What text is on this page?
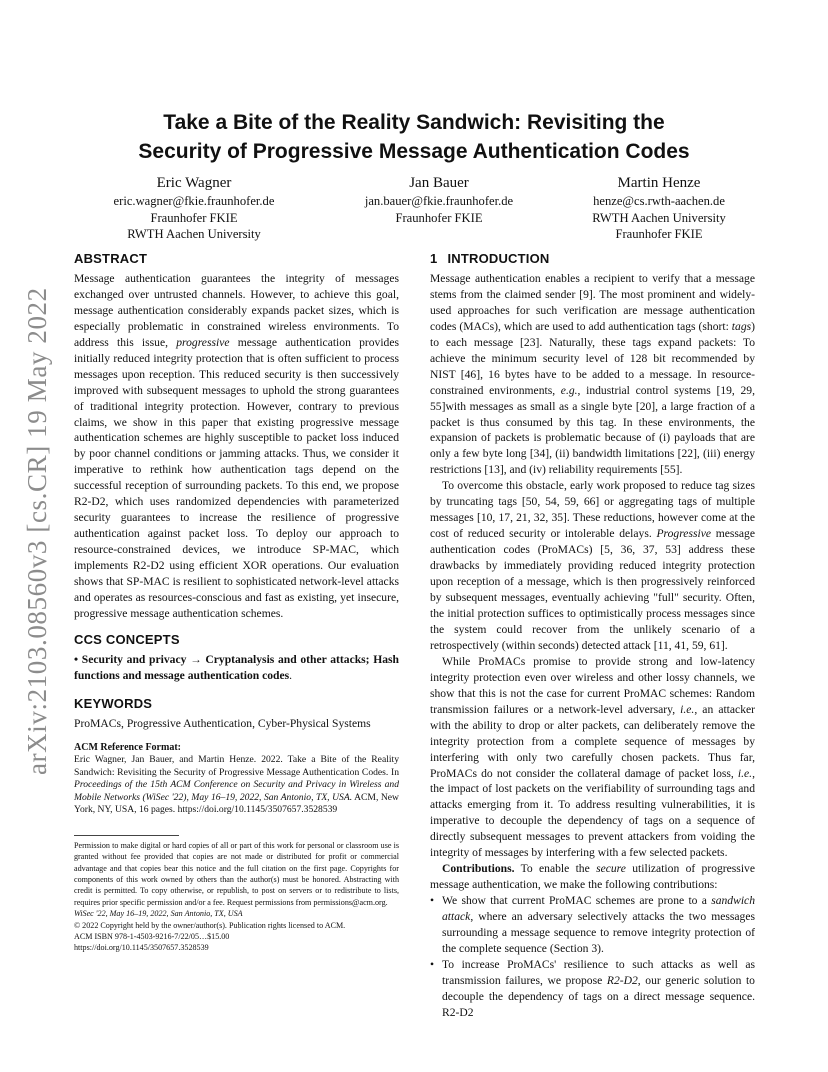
arXiv:2103.08560v3 [cs.CR] 19 May 2022
Take a Bite of the Reality Sandwich: Revisiting the
Security of Progressive Message Authentication Codes
Eric Wagner
eric.wagner@fkie.fraunhofer.de
Fraunhofer FKIE
RWTH Aachen University
Jan Bauer
jan.bauer@fkie.fraunhofer.de
Fraunhofer FKIE
Martin Henze
henze@cs.rwth-aachen.de
RWTH Aachen University
Fraunhofer FKIE
ABSTRACT

Message authentication guarantees the integrity of messages exchanged over untrusted channels. However, to achieve this goal, message authentication considerably expands packet sizes, which is especially problematic in constrained wireless environments. To address this issue, progressive message authentication provides initially reduced integrity protection that is often sufficient to process messages upon reception. This reduced security is then successively improved with subsequent messages to uphold the strong guarantees of traditional integrity protection. However, contrary to previous claims, we show in this paper that existing progressive message authentication schemes are highly susceptible to packet loss induced by poor channel conditions or jamming attacks. Thus, we consider it imperative to rethink how authentication tags depend on the successful reception of surrounding packets. To this end, we propose R2-D2, which uses randomized dependencies with parameterized security guarantees to increase the resilience of progressive authentication against packet loss. To deploy our approach to resource-constrained devices, we introduce SP-MAC, which implements R2-D2 using efficient XOR operations. Our evaluation shows that SP-MAC is resilient to sophisticated network-level attacks and operates as resources-conscious and fast as existing, yet insecure, progressive message authentication schemes.

CCS CONCEPTS

• Security and privacy → Cryptanalysis and other attacks; Hash functions and message authentication codes.

KEYWORDS

ProMACs, Progressive Authentication, Cyber-Physical Systems

ACM Reference Format:

Eric Wagner, Jan Bauer, and Martin Henze. 2022. Take a Bite of the Reality Sandwich: Revisiting the Security of Progressive Message Authentication Codes. In Proceedings of the 15th ACM Conference on Security and Privacy in Wireless and Mobile Networks (WiSec '22), May 16–19, 2022, San Antonio, TX, USA. ACM, New York, NY, USA, 16 pages. https://doi.org/10.1145/3507657.3528539

Permission to make digital or hard copies of all or part of this work for personal or classroom use is granted without fee provided that copies are not made or distributed for profit or commercial advantage and that copies bear this notice and the full citation on the first page. Copyrights for components of this work owned by others than the author(s) must be honored. Abstracting with credit is permitted. To copy otherwise, or republish, to post on servers or to redistribute to lists, requires prior specific permission and/or a fee. Request permissions from permissions@acm.org.
WiSec '22, May 16–19, 2022, San Antonio, TX, USA
© 2022 Copyright held by the owner/author(s). Publication rights licensed to ACM.
ACM ISBN 978-1-4503-9216-7/22/05…$15.00
https://doi.org/10.1145/3507657.3528539
1 INTRODUCTION

Message authentication enables a recipient to verify that a message stems from the claimed sender [9]. The most prominent and widely-used approaches for such verification are message authentication codes (MACs), which are used to add authentication tags (short: tags) to each message [23]. Naturally, these tags expand packets: To achieve the minimum security level of 128 bit recommended by NIST [46], 16 bytes have to be added to a message. In resource-constrained environments, e.g., industrial control systems [19, 29, 55]with messages as small as a single byte [20], a large fraction of a packet is thus consumed by this tag. In these environments, the expansion of packets is problematic because of (i) payloads that are only a few byte long [34], (ii) bandwidth limitations [22], (iii) energy restrictions [13], and (iv) reliability requirements [55].

To overcome this obstacle, early work proposed to reduce tag sizes by truncating tags [50, 54, 59, 66] or aggregating tags of multiple messages [10, 17, 21, 32, 35]. These reductions, however come at the cost of reduced security or intolerable delays. Progressive message authentication codes (ProMACs) [5, 36, 37, 53] address these drawbacks by immediately providing reduced integrity protection upon reception of a message, which is then progressively reinforced by subsequent messages, eventually achieving "full" security. Often, the initial protection suffices to optimistically process messages since the system could recover from the unlikely scenario of a retrospectively (within seconds) detected attack [11, 41, 59, 61].

While ProMACs promise to provide strong and low-latency integrity protection even over wireless and other lossy channels, we show that this is not the case for current ProMAC schemes: Random transmission failures or a network-level adversary, i.e., an attacker with the ability to drop or alter packets, can deliberately remove the integrity protection from a complete sequence of messages by interfering with only two carefully chosen packets. Thus far, ProMACs do not consider the collateral damage of packet loss, i.e., the impact of lost packets on the verifiability of surrounding tags and attacks emerging from it. To address resulting vulnerabilities, it is imperative to decouple the dependency of tags on a sequence of directly subsequent messages to prevent attackers from voiding the integrity of messages by interfering with a few selected packets.

Contributions. To enable the secure utilization of progressive message authentication, we make the following contributions:

• We show that current ProMAC schemes are prone to a sandwich attack, where an adversary selectively attacks the two messages surrounding a message sequence to remove integrity protection of the complete sequence (Section 3).
• To increase ProMACs' resilience to such attacks as well as transmission failures, we propose R2-D2, our generic solution to decouple the dependency of tags on a direct message sequence. R2-D2
